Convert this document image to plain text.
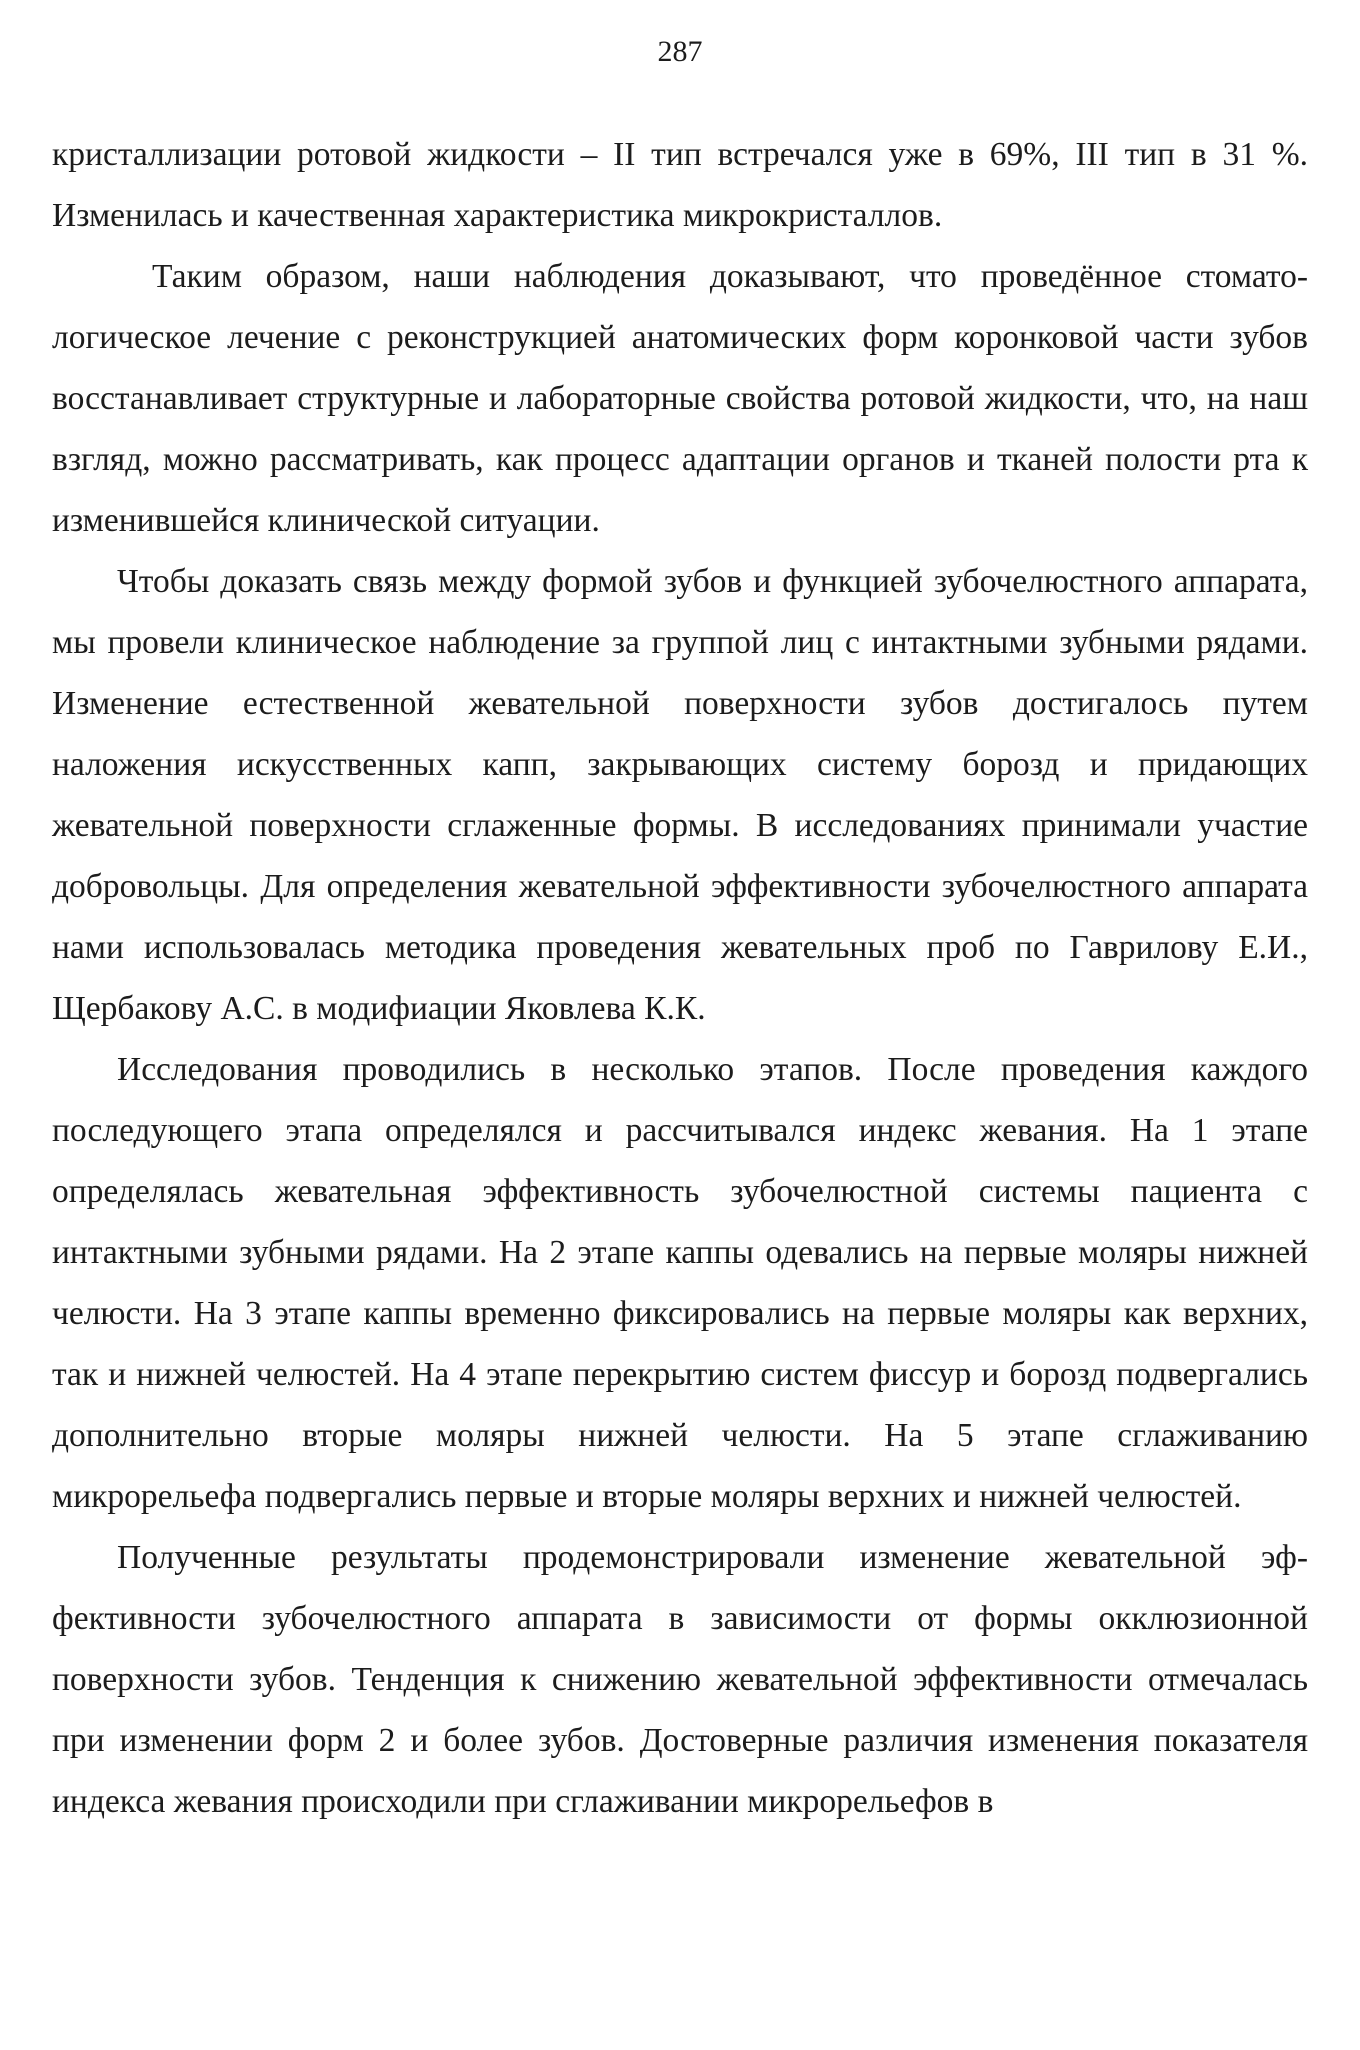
287

кристаллизации ротовой жидкости – II тип встречался уже в 69%, III тип в 31 %. Изменилась и качественная характеристика микрокристаллов.

Таким образом, наши наблюдения доказывают, что проведённое стоматологическое лечение с реконструкцией анатомических форм коронковой части зубов восстанавливает структурные и лабораторные свойства ротовой жидкости, что, на наш взгляд, можно рассматривать, как процесс адаптации органов и тканей полости рта к изменившейся клинической ситуации.

Чтобы доказать связь между формой зубов и функцией зубочелюстного аппарата, мы провели клиническое наблюдение за группой лиц с интактными зубными рядами. Изменение естественной жевательной поверхности зубов достигалось путем наложения искусственных капп, закрывающих систему борозд и придающих жевательной поверхности сглаженные формы. В исследованиях принимали участие добровольцы. Для определения жевательной эффективности зубочелюстного аппарата нами использовалась методика проведения жевательных проб по Гаврилову Е.И., Щербакову А.С. в модифиации Яковлева К.К.

Исследования проводились в несколько этапов. После проведения каждого последующего этапа определялся и рассчитывался индекс жевания. На 1 этапе определялась жевательная эффективность зубочелюстной системы пациента с интактными зубными рядами. На 2 этапе каппы одевались на первые моляры нижней челюсти. На 3 этапе каппы временно фиксировались на первые моляры как верхних, так и нижней челюстей. На 4 этапе перекрытию систем фиссур и борозд подвергались дополнительно вторые моляры нижней челюсти. На 5 этапе сглаживанию микрорельефа подвергались первые и вторые моляры верхних и нижней челюстей.

Полученные результаты продемонстрировали изменение жевательной эффективности зубочелюстного аппарата в зависимости от формы окклюзионной поверхности зубов. Тенденция к снижению жевательной эффективности отмечалась при изменении форм 2 и более зубов. Достоверные различия изменения показателя индекса жевания происходили при сглаживании микрорельефов в
